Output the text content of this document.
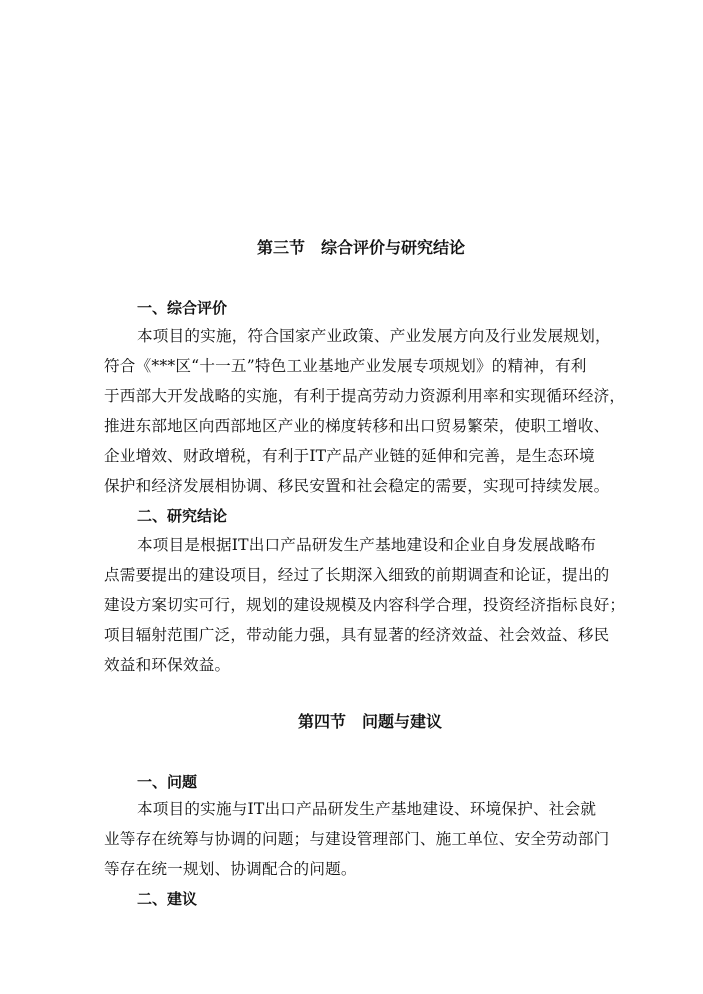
第三节　综合评价与研究结论
一、综合评价
本项目的实施，符合国家产业政策、产业发展方向及行业发展规划，
符合《***区“十一五”特色工业基地产业发展专项规划》的精神，有利
于西部大开发战略的实施，有利于提高劳动力资源利用率和实现循环经济，
推进东部地区向西部地区产业的梯度转移和出口贸易繁荣，使职工增收、
企业增效、财政增税，有利于IT产品产业链的延伸和完善，是生态环境
保护和经济发展相协调、移民安置和社会稳定的需要，实现可持续发展。
二、研究结论
本项目是根据IT出口产品研发生产基地建设和企业自身发展战略布
点需要提出的建设项目，经过了长期深入细致的前期调查和论证，提出的
建设方案切实可行，规划的建设规模及内容科学合理，投资经济指标良好；
项目辐射范围广泛，带动能力强，具有显著的经济效益、社会效益、移民
效益和环保效益。
第四节　问题与建议
一、问题
本项目的实施与IT出口产品研发生产基地建设、环境保护、社会就
业等存在统筹与协调的问题；与建设管理部门、施工单位、安全劳动部门
等存在统一规划、协调配合的问题。
二、建议
